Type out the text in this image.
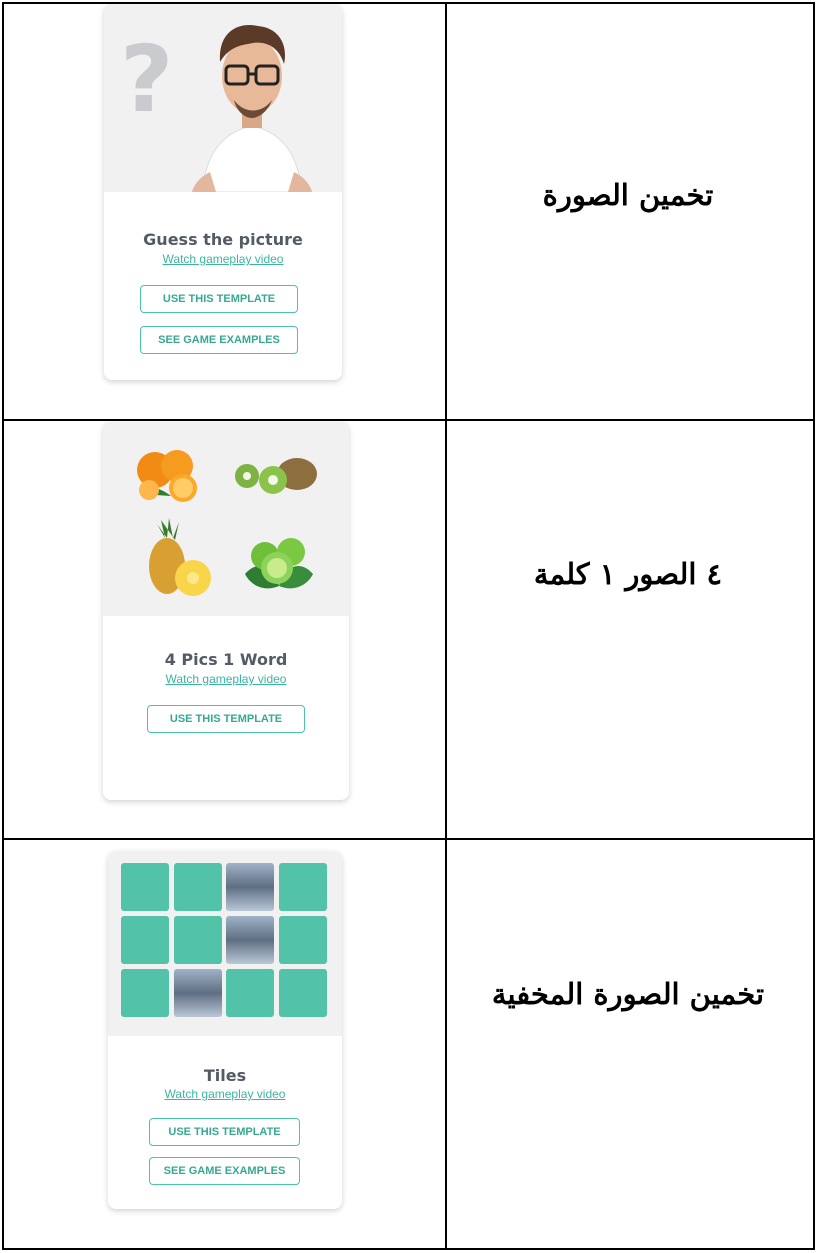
?
Guess the picture
Watch gameplay video
USE THIS TEMPLATE
SEE GAME EXAMPLES
تخمين الصورة
4 Pics 1 Word
Watch gameplay video
USE THIS TEMPLATE
٤ الصور ١ كلمة
Tiles
Watch gameplay video
USE THIS TEMPLATE
SEE GAME EXAMPLES
تخمين الصورة المخفية
